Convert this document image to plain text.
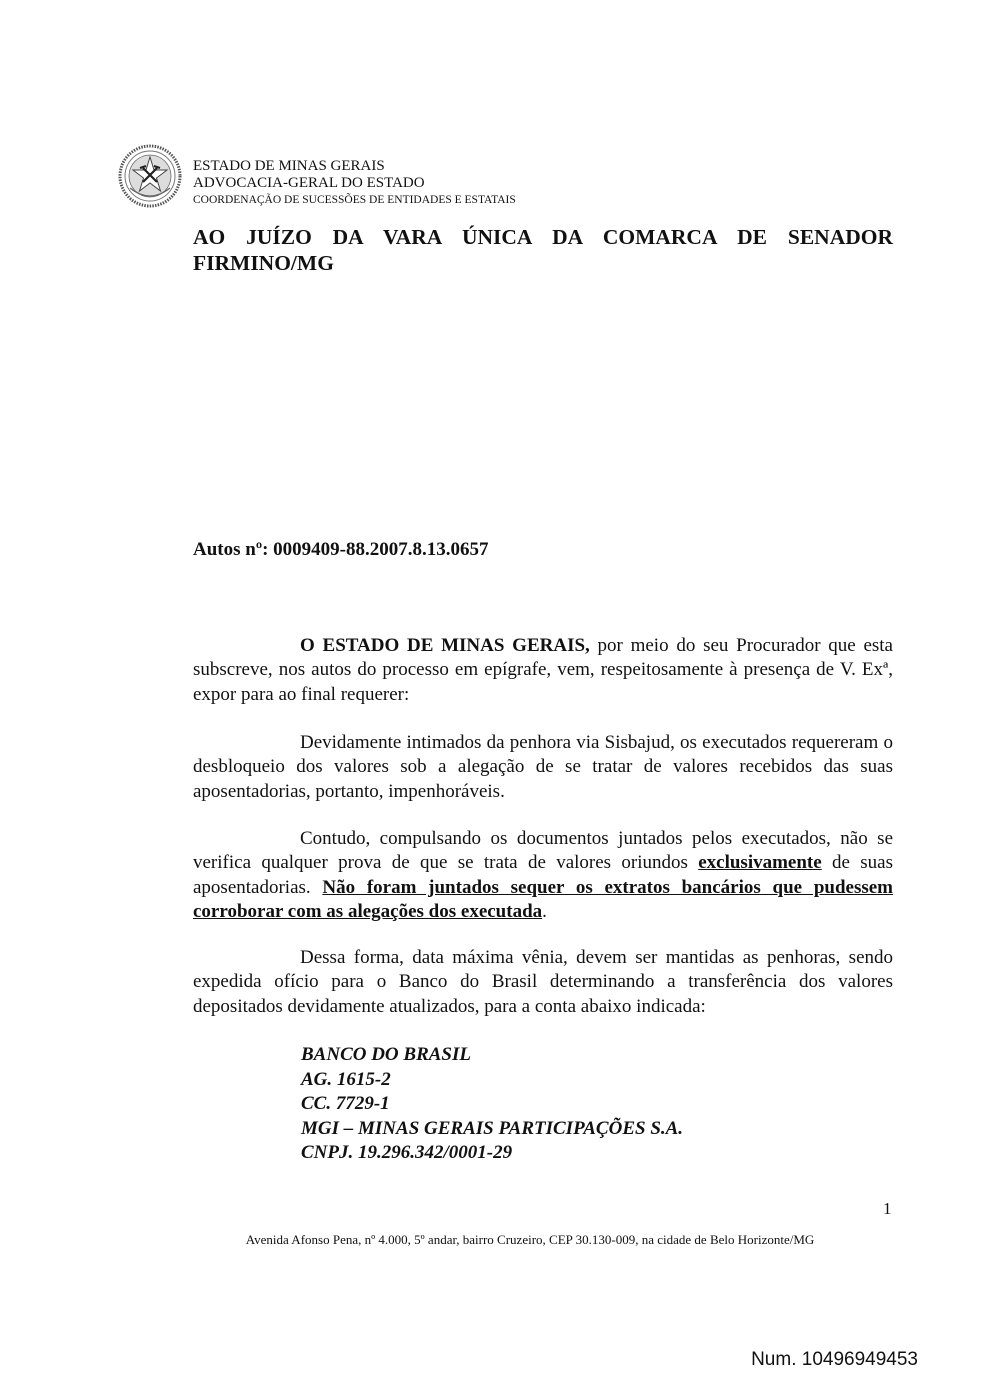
ESTADO DE MINAS GERAIS
ADVOCACIA-GERAL DO ESTADO
COORDENAÇÃO DE SUCESSÕES DE ENTIDADES E ESTATAIS
AO JUÍZO DA VARA ÚNICA DA COMARCA DE SENADOR FIRMINO/MG
Autos nº: 0009409-88.2007.8.13.0657

O ESTADO DE MINAS GERAIS, por meio do seu Procurador que esta subscreve, nos autos do processo em epígrafe, vem, respeitosamente à presença de V. Exª, expor para ao final requerer:

Devidamente intimados da penhora via Sisbajud, os executados requereram o desbloqueio dos valores sob a alegação de se tratar de valores recebidos das suas aposentadorias, portanto, impenhoráveis.

Contudo, compulsando os documentos juntados pelos executados, não se verifica qualquer prova de que se trata de valores oriundos exclusivamente de suas aposentadorias. Não foram juntados sequer os extratos bancários que pudessem corroborar com as alegações dos executada.

Dessa forma, data máxima vênia, devem ser mantidas as penhoras, sendo expedida ofício para o Banco do Brasil determinando a transferência dos valores depositados devidamente atualizados, para a conta abaixo indicada:

BANCO DO BRASIL
AG. 1615-2
CC. 7729-1
MGI – MINAS GERAIS PARTICIPAÇÕES S.A.
CNPJ. 19.296.342/0001-29
1
Avenida Afonso Pena, nº 4.000, 5º andar, bairro Cruzeiro, CEP 30.130-009, na cidade de Belo Horizonte/MG
Num. 10496949453
